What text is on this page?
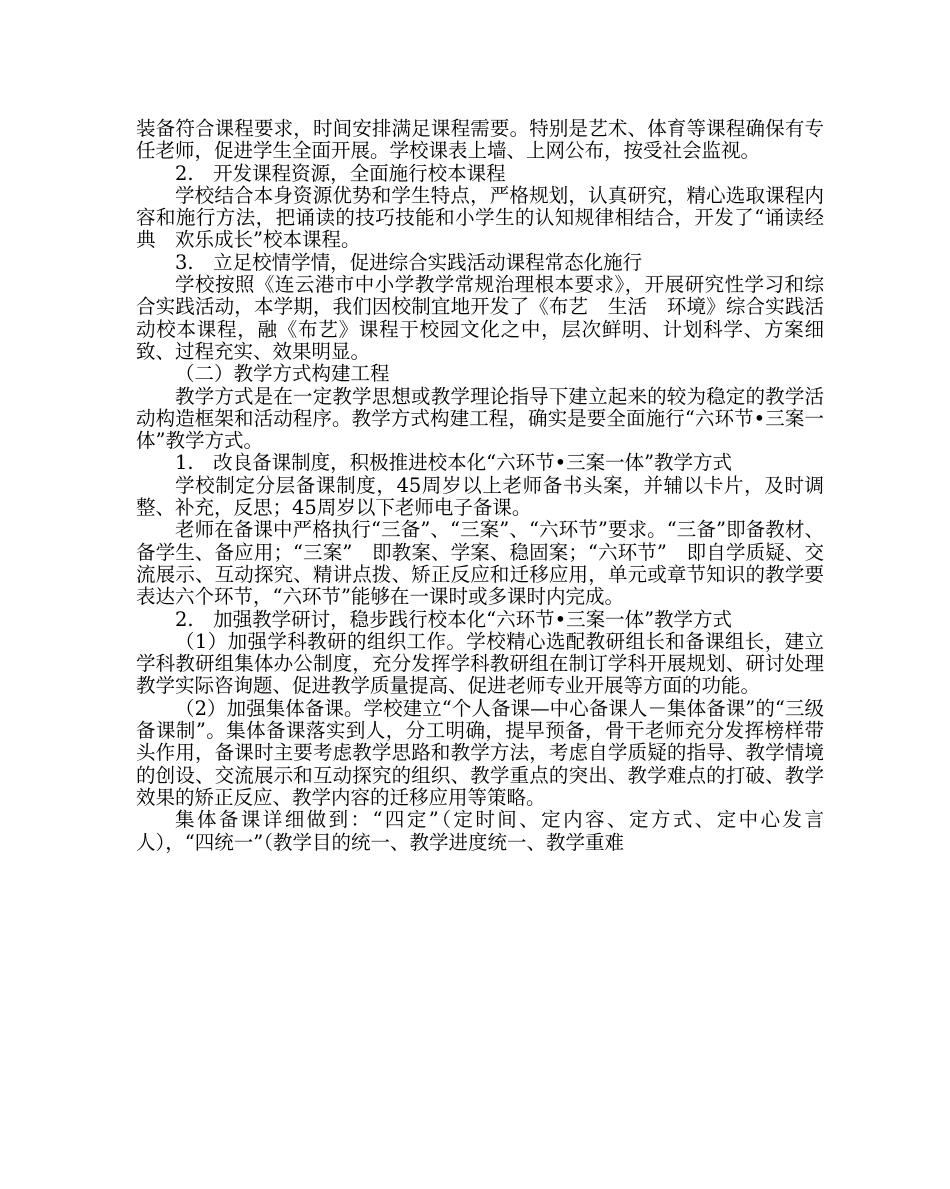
装备符合课程要求，时间安排满足课程需要。特别是艺术、体育等课程确保有专任老师，促进学生全面开展。学校课表上墙、上网公布，按受社会监视。

2.　开发课程资源，全面施行校本课程

学校结合本身资源优势和学生特点，严格规划，认真研究，精心选取课程内容和施行方法，把诵读的技巧技能和小学生的认知规律相结合，开发了“诵读经典　欢乐成长”校本课程。

3.　立足校情学情，促进综合实践活动课程常态化施行

学校按照《连云港市中小学教学常规治理根本要求》，开展研究性学习和综合实践活动，本学期，我们因校制宜地开发了《布艺　生活　环境》综合实践活动校本课程，融《布艺》课程于校园文化之中，层次鲜明、计划科学、方案细致、过程充实、效果明显。

（二）教学方式构建工程

教学方式是在一定教学思想或教学理论指导下建立起来的较为稳定的教学活动构造框架和活动程序。教学方式构建工程，确实是要全面施行“六环节•三案一体”教学方式。

1.　改良备课制度，积极推进校本化“六环节•三案一体”教学方式

学校制定分层备课制度，45周岁以上老师备书头案，并辅以卡片，及时调整、补充，反思；45周岁以下老师电子备课。

老师在备课中严格执行“三备”、“三案”、“六环节”要求。“三备”即备教材、备学生、备应用；“三案”　即教案、学案、稳固案；“六环节”　即自学质疑、交流展示、互动探究、精讲点拨、矫正反应和迁移应用，单元或章节知识的教学要表达六个环节，“六环节”能够在一课时或多课时内完成。

2.　加强教学研讨，稳步践行校本化“六环节•三案一体”教学方式

（1）加强学科教研的组织工作。学校精心选配教研组长和备课组长，建立学科教研组集体办公制度，充分发挥学科教研组在制订学科开展规划、研讨处理教学实际咨询题、促进教学质量提高、促进老师专业开展等方面的功能。

（2）加强集体备课。学校建立“个人备课—中心备课人－集体备课”的“三级备课制”。集体备课落实到人，分工明确，提早预备，骨干老师充分发挥榜样带头作用，备课时主要考虑教学思路和教学方法，考虑自学质疑的指导、教学情境的创设、交流展示和互动探究的组织、教学重点的突出、教学难点的打破、教学效果的矫正反应、教学内容的迁移应用等策略。

集体备课详细做到：“四定”（定时间、定内容、定方式、定中心发言人），“四统一”（教学目的统一、教学进度统一、教学重难
